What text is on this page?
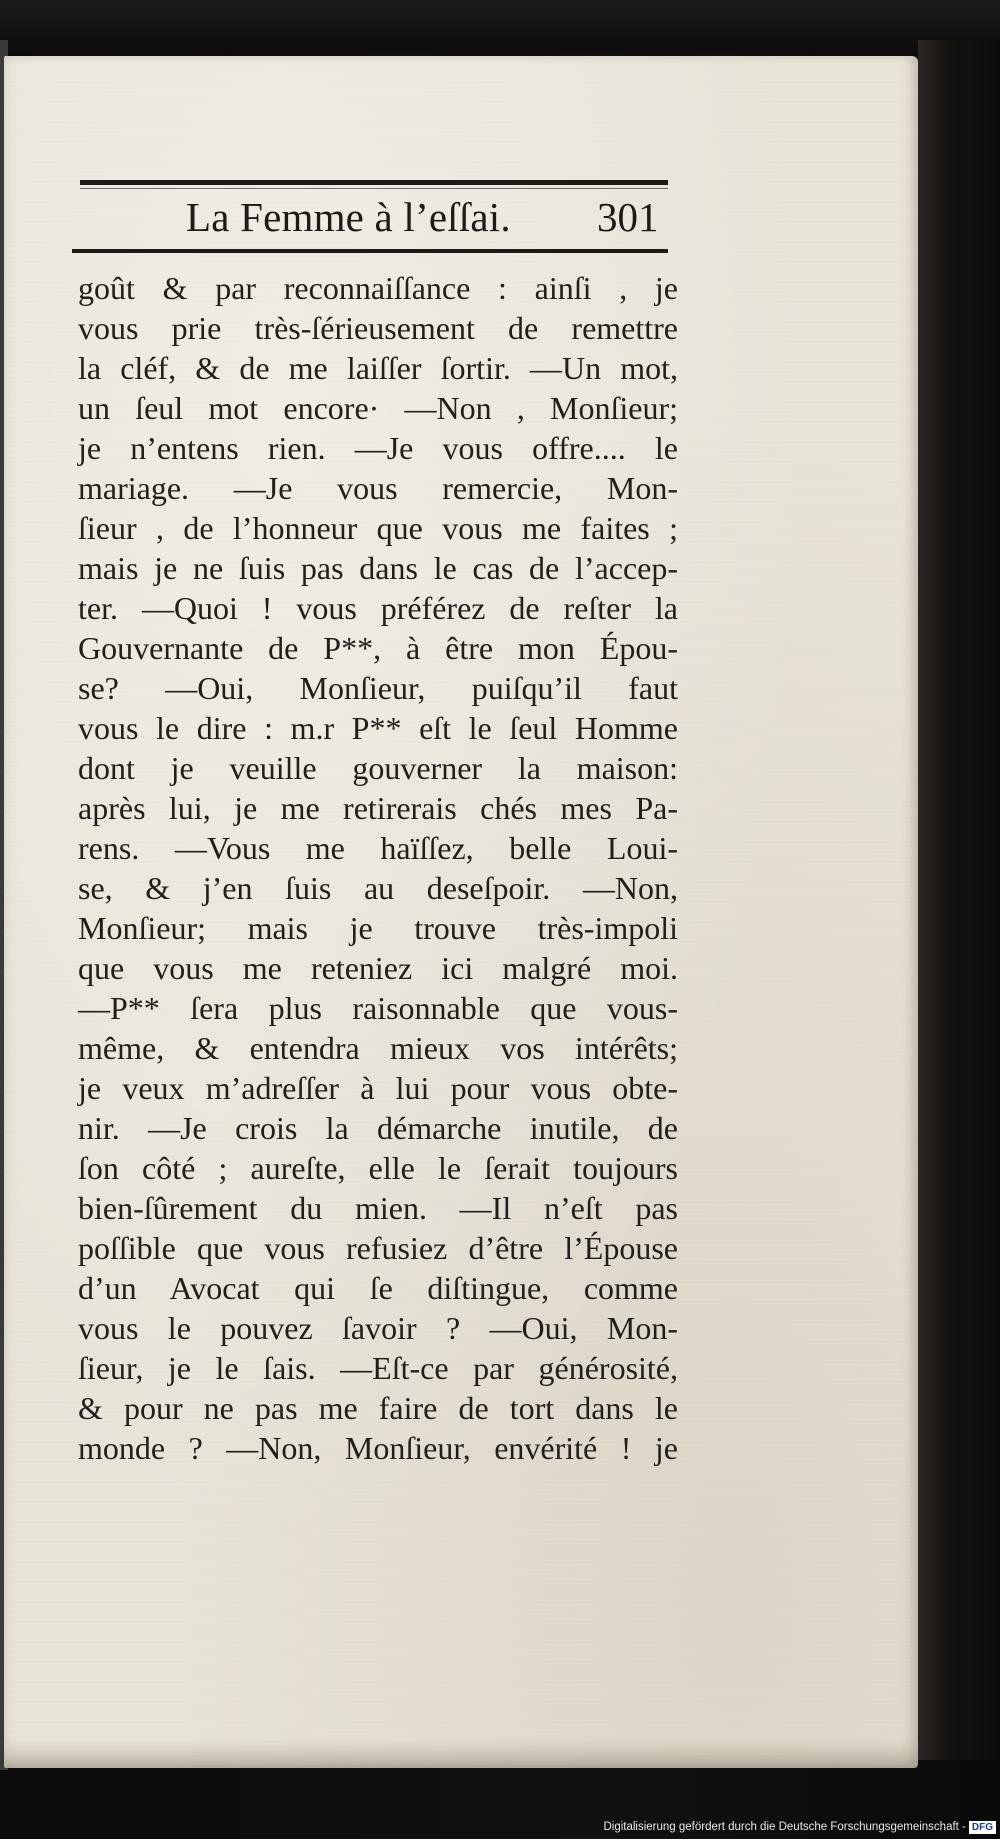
La Femme à l’eſſai. 301
goût & par reconnaiſſance : ainſi , je
vous prie très-ſérieusement de remettre
la cléf, & de me laiſſer ſortir. —Un mot,
un ſeul mot encore· —Non , Monſieur;
je n’entens rien. —Je vous offre.... le
mariage. —Je vous remercie, Mon-
ſieur , de l’honneur que vous me faites ;
mais je ne ſuis pas dans le cas de l’accep-
ter. —Quoi ! vous préférez de reſter la
Gouvernante de P**, à être mon Épou-
se? —Oui, Monſieur, puiſqu’il faut
vous le dire : m.r P** eſt le ſeul Homme
dont je veuille gouverner la maison:
après lui, je me retirerais chés mes Pa-
rens. —Vous me haïſſez, belle Loui-
se, & j’en ſuis au deseſpoir. —Non,
Monſieur; mais je trouve très-impoli
que vous me reteniez ici malgré moi.
—P** ſera plus raisonnable que vous-
même, & entendra mieux vos intérêts;
je veux m’adreſſer à lui pour vous obte-
nir. —Je crois la démarche inutile, de
ſon côté ; aureſte, elle le ſerait toujours
bien-ſûrement du mien. —Il n’eſt pas
poſſible que vous refusiez d’être l’Épouse
d’un Avocat qui ſe diſtingue, comme
vous le pouvez ſavoir ? —Oui, Mon-
ſieur, je le ſais. —Eſt-ce par générosité,
& pour ne pas me faire de tort dans le
monde ? —Non, Monſieur, envérité ! je
Digitalisierung gefördert durch die Deutsche Forschungsgemeinschaft - DFG
